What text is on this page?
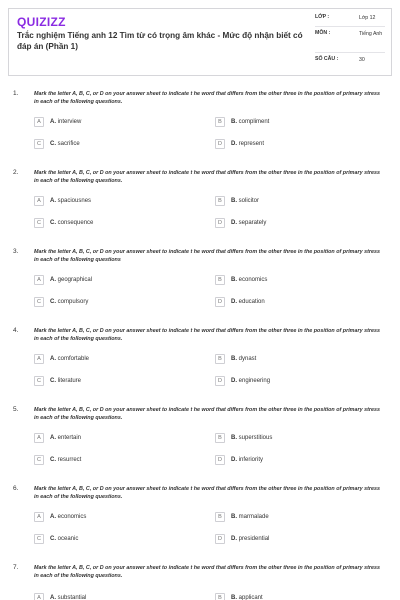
QUIZIZZ
Trắc nghiệm Tiếng anh 12 Tìm từ có trọng âm khác - Mức độ nhận biết có đáp án (Phần 1)
LỚP :	Lớp 12
MÔN :	Tiếng Anh
SỐ CÂU :	30
1.	Mark the letter A, B, C, or D on your answer sheet to indicate t he word that differs from the other three in the position of primary stress in each of the following questions.
A	A. interview	B	B. compliment
C	C. sacrifice	D	D. represent
2.	Mark the letter A, B, C, or D on your answer sheet to indicate t he word that differs from the other three in the position of primary stress in each of the following questions.
A	A. spaciousnes	B	B. solicitor
C	C. consequence	D	D. separately
3.	Mark the letter A, B, C, or D on your answer sheet to indicate t he word that differs from the other three in the position of primary stress in each of the following questions
A	A. geographical	B	B. economics
C	C. compulsory	D	D. education
4.	Mark the letter A, B, C, or D on your answer sheet to indicate t he word that differs from the other three in the position of primary stress in each of the following questions.
A	A. comfortable	B	B. dynast
C	C. literature	D	D. engineering
5.	Mark the letter A, B, C, or D on your answer sheet to indicate t he word that differs from the other three in the position of primary stress in each of the following questions.
A	A. entertain	B	B. superstitious
C	C. resurrect	D	D. inferiority
6.	Mark the letter A, B, C, or D on your answer sheet to indicate t he word that differs from the other three in the position of primary stress in each of the following questions.
A	A. economics	B	B. marmalade
C	C. oceanic	D	D. presidential
7.	Mark the letter A, B, C, or D on your answer sheet to indicate t he word that differs from the other three in the position of primary stress in each of the following questions.
A	A. substantial	B	B. applicant
